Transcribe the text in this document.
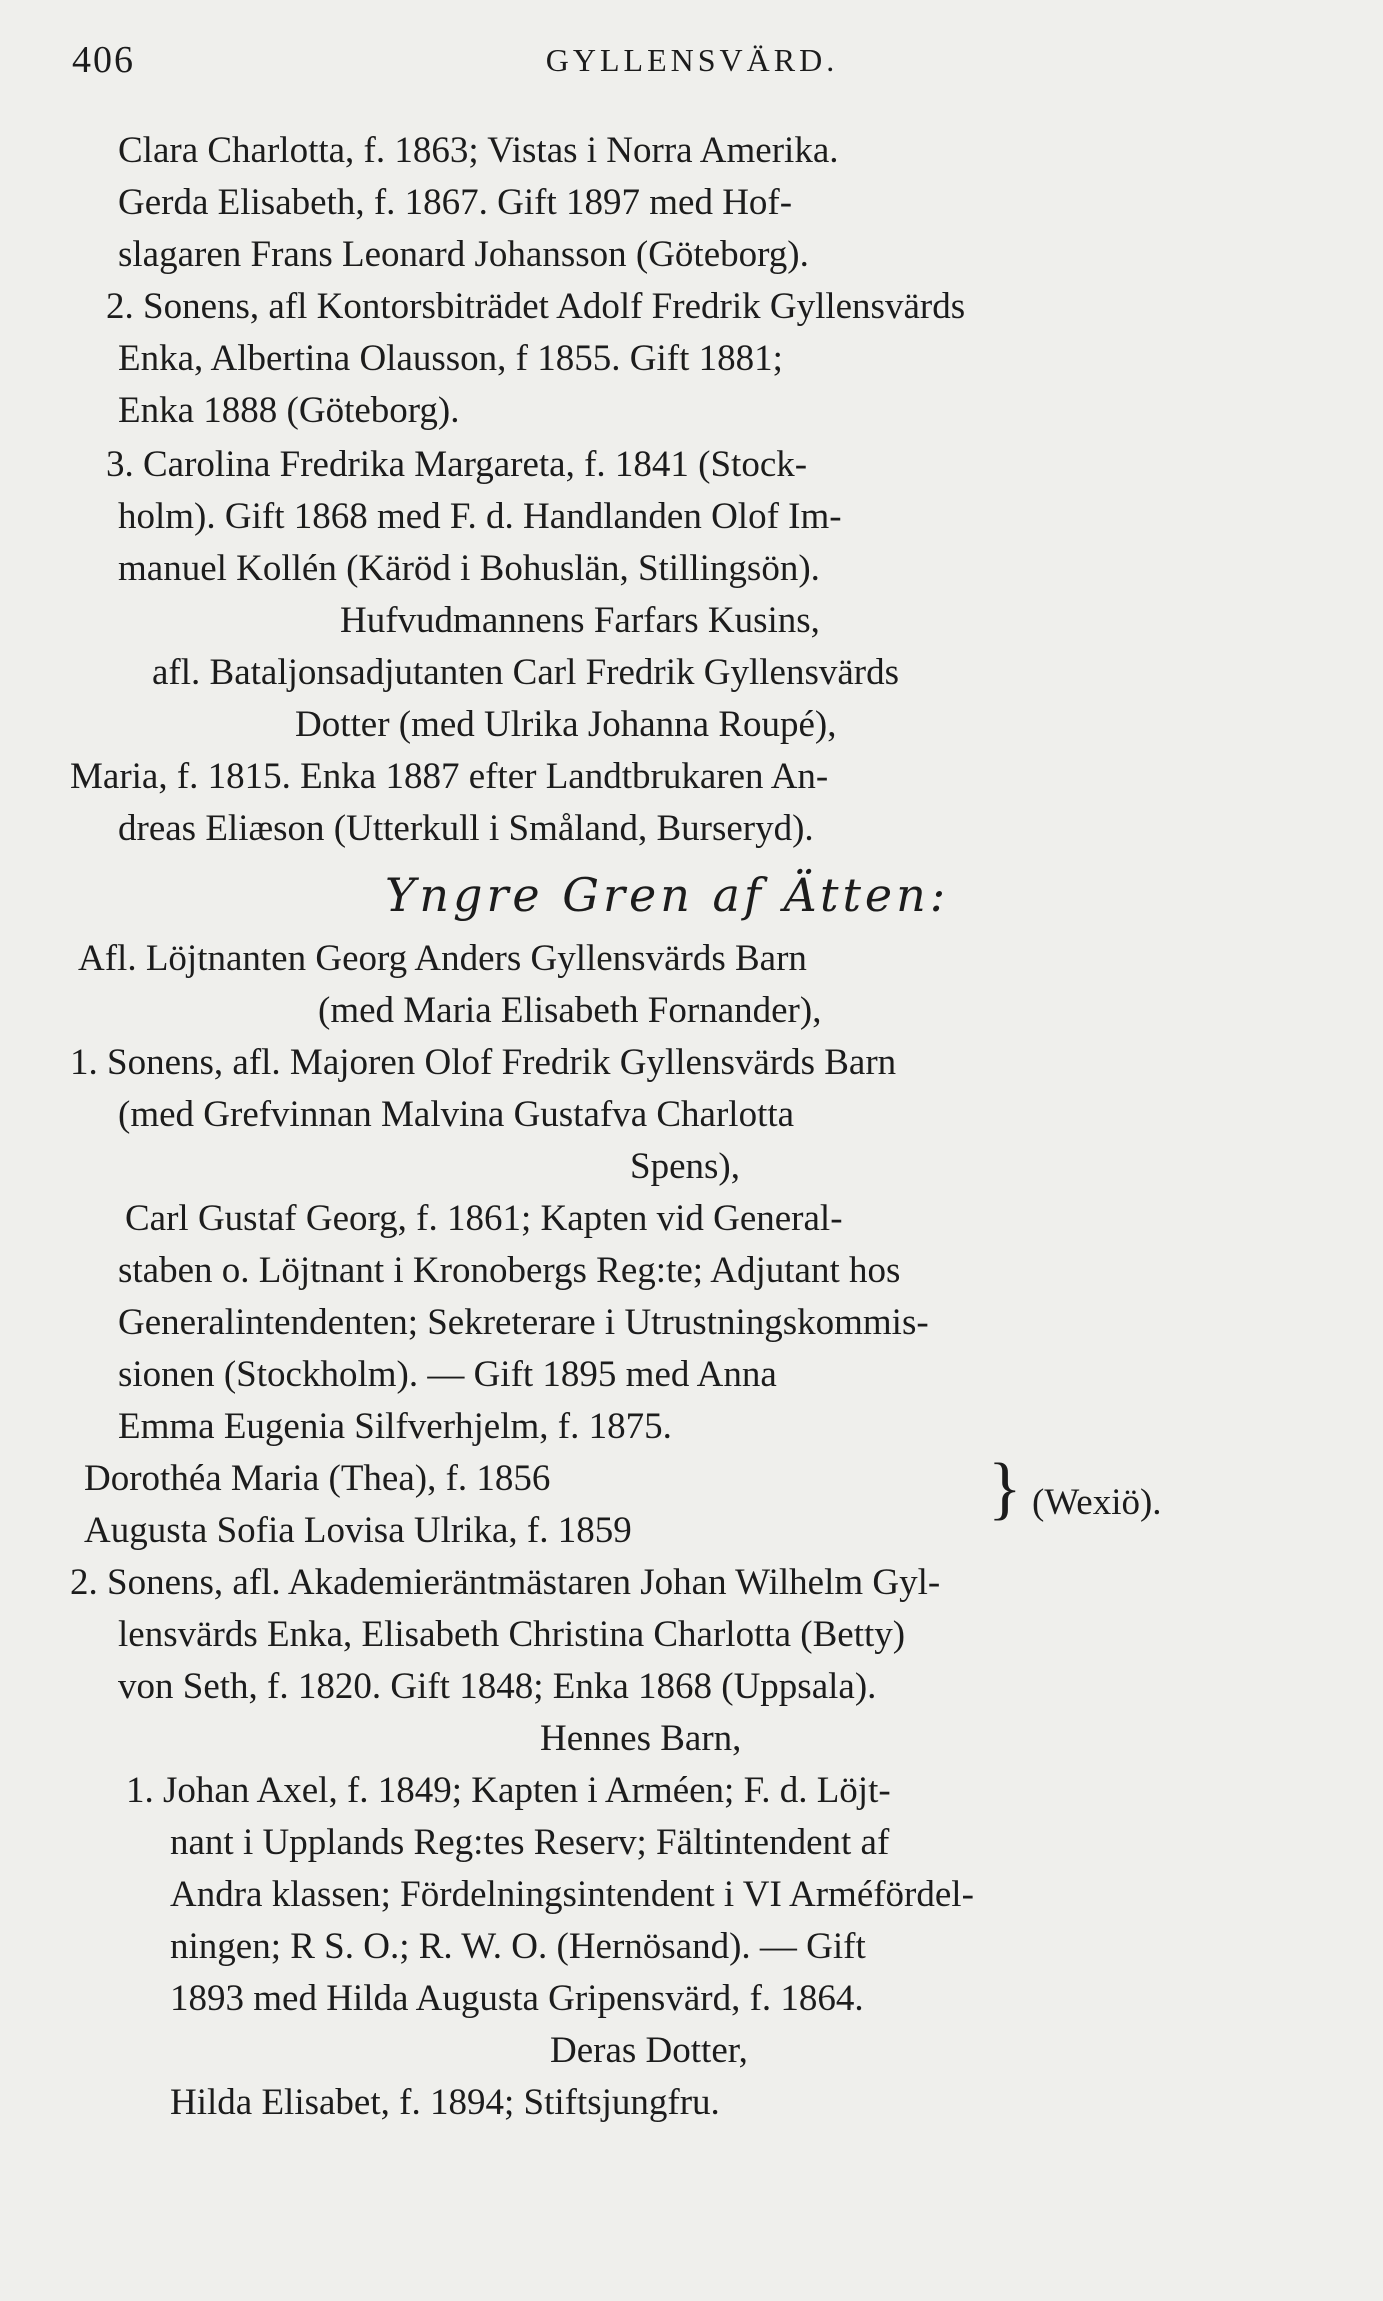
406	GYLLENSVÄRD.
Clara Charlotta, f. 1863; Vistas i Norra Amerika.
Gerda Elisabeth, f. 1867. Gift 1897 med Hof-
slagaren Frans Leonard Johansson (Göteborg).
2. Sonens, afl Kontorsbiträdet Adolf Fredrik Gyllensvärds
Enka, Albertina Olausson, f 1855. Gift 1881;
Enka 1888 (Göteborg).
3. Carolina Fredrika Margareta, f. 1841 (Stock-
holm). Gift 1868 med F. d. Handlanden Olof Im-
manuel Kollén (Käröd i Bohuslän, Stillingsön).
Hufvudmannens Farfars Kusins,
afl. Bataljonsadjutanten Carl Fredrik Gyllensvärds
Dotter (med Ulrika Johanna Roupé),
Maria, f. 1815. Enka 1887 efter Landtbrukaren An-
dreas Eliæson (Utterkull i Småland, Burseryd).
Yngre Gren af Ätten:
Afl. Löjtnanten Georg Anders Gyllensvärds Barn
(med Maria Elisabeth Fornander),
1. Sonens, afl. Majoren Olof Fredrik Gyllensvärds Barn
(med Grefvinnan Malvina Gustafva Charlotta
Spens),
Carl Gustaf Georg, f. 1861; Kapten vid General-
staben o. Löjtnant i Kronobergs Reg:te; Adjutant hos
Generalintendenten; Sekreterare i Utrustningskommis-
sionen (Stockholm). — Gift 1895 med Anna
Emma Eugenia Silfverhjelm, f. 1875.
Dorothéa Maria (Thea), f. 1856
Augusta Sofia Lovisa Ulrika, f. 1859
} (Wexiö).
2. Sonens, afl. Akademieräntmästaren Johan Wilhelm Gyl-
lensvärds Enka, Elisabeth Christina Charlotta (Betty)
von Seth, f. 1820. Gift 1848; Enka 1868 (Uppsala).
Hennes Barn,
1. Johan Axel, f. 1849; Kapten i Arméen; F. d. Löjt-
nant i Upplands Reg:tes Reserv; Fältintendent af
Andra klassen; Fördelningsintendent i VI Arméfördel-
ningen; R S. O.; R. W. O. (Hernösand). — Gift
1893 med Hilda Augusta Gripensvärd, f. 1864.
Deras Dotter,
Hilda Elisabet, f. 1894; Stiftsjungfru.
